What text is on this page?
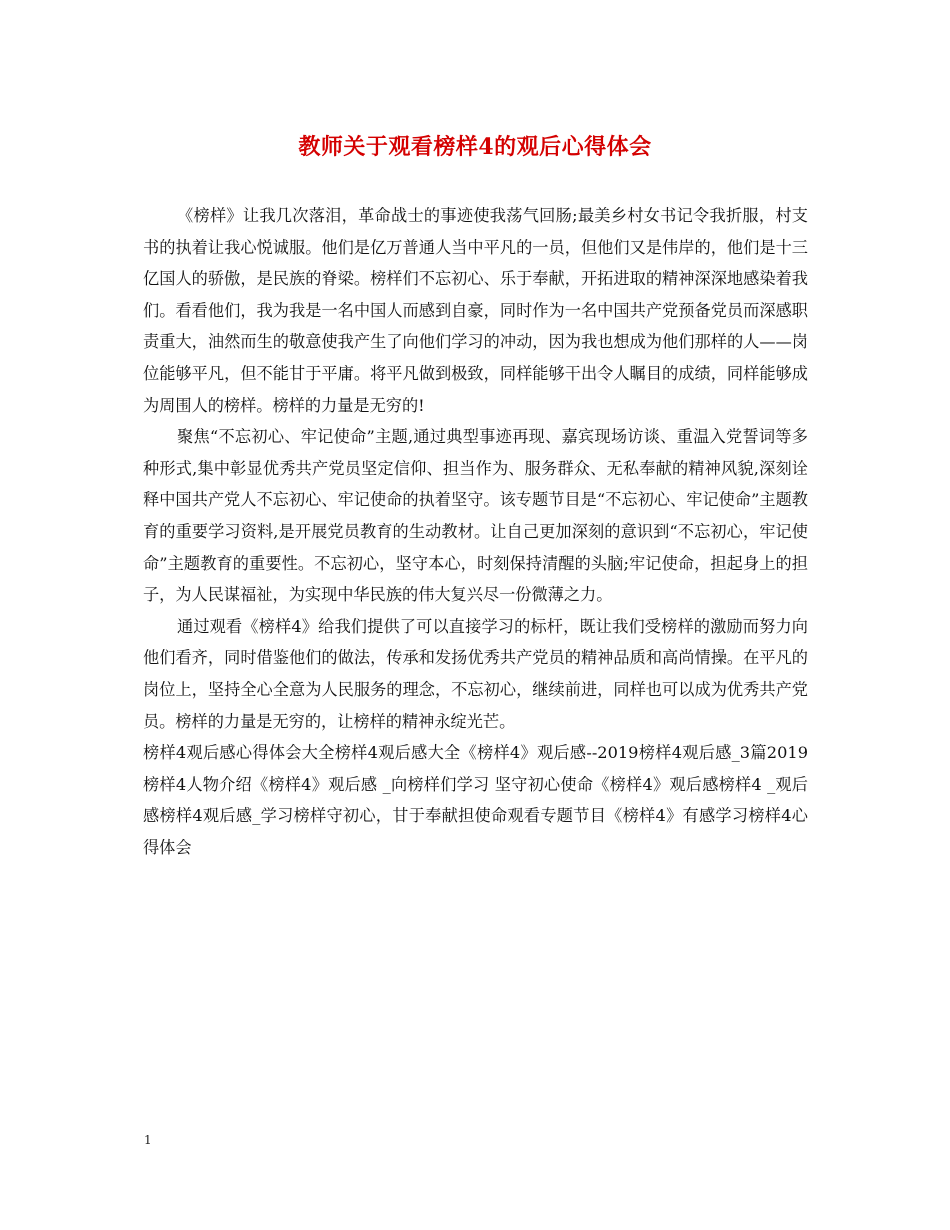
教师关于观看榜样4的观后心得体会

《榜样》让我几次落泪，革命战士的事迹使我荡气回肠;最美乡村女书记令我折服，村支书的执着让我心悦诚服。他们是亿万普通人当中平凡的一员，但他们又是伟岸的，他们是十三亿国人的骄傲，是民族的脊梁。榜样们不忘初心、乐于奉献，开拓进取的精神深深地感染着我们。看看他们，我为我是一名中国人而感到自豪，同时作为一名中国共产党预备党员而深感职责重大，油然而生的敬意使我产生了向他们学习的冲动，因为我也想成为他们那样的人——岗位能够平凡，但不能甘于平庸。将平凡做到极致，同样能够干出令人瞩目的成绩，同样能够成为周围人的榜样。榜样的力量是无穷的!

聚焦“不忘初心、牢记使命”主题,通过典型事迹再现、嘉宾现场访谈、重温入党誓词等多种形式,集中彰显优秀共产党员坚定信仰、担当作为、服务群众、无私奉献的精神风貌,深刻诠释中国共产党人不忘初心、牢记使命的执着坚守。该专题节目是“不忘初心、牢记使命”主题教育的重要学习资料,是开展党员教育的生动教材。让自己更加深刻的意识到“不忘初心，牢记使命”主题教育的重要性。不忘初心，坚守本心，时刻保持清醒的头脑;牢记使命，担起身上的担子，为人民谋福祉，为实现中华民族的伟大复兴尽一份微薄之力。

通过观看《榜样4》给我们提供了可以直接学习的标杆，既让我们受榜样的激励而努力向他们看齐，同时借鉴他们的做法，传承和发扬优秀共产党员的精神品质和高尚情操。在平凡的岗位上，坚持全心全意为人民服务的理念，不忘初心，继续前进，同样也可以成为优秀共产党员。榜样的力量是无穷的，让榜样的精神永绽光芒。

榜样4观后感心得体会大全榜样4观后感大全《榜样4》观后感--2019榜样4观后感_3篇2019榜样4人物介绍《榜样4》观后感 _向榜样们学习 坚守初心使命《榜样4》观后感榜样4 _观后感榜样4观后感_学习榜样守初心，甘于奉献担使命观看专题节目《榜样4》有感学习榜样4心得体会

1
